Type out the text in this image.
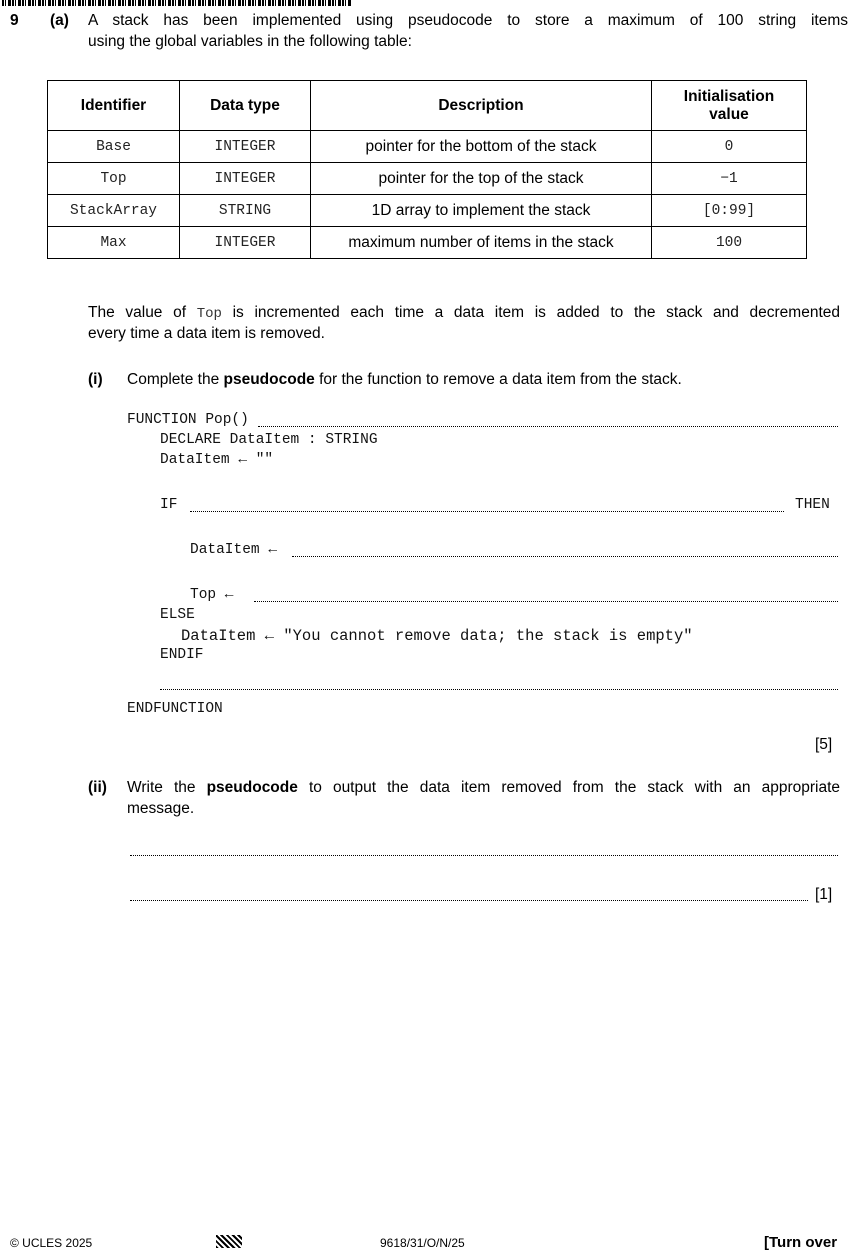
9 (a) A stack has been implemented using pseudocode to store a maximum of 100 string items
using the global variables in the following table:
Identifier	Data type	Description	Initialisation value
Base	INTEGER	pointer for the bottom of the stack	0
Top	INTEGER	pointer for the top of the stack	−1
StackArray	STRING	1D array to implement the stack	[0:99]
Max	INTEGER	maximum number of items in the stack	100
The value of Top is incremented each time a data item is added to the stack and decremented
every time a data item is removed.
(i) Complete the pseudocode for the function to remove a data item from the stack.
FUNCTION Pop()
DECLARE DataItem : STRING
DataItem ← ""
IF	THEN
DataItem ←
Top ←
ELSE
DataItem ← "You cannot remove data; the stack is empty"
ENDIF
ENDFUNCTION
[5]
(ii) Write the pseudocode to output the data item removed from the stack with an appropriate
message.
[1]
© UCLES 2025	9618/31/O/N/25	[Turn over
